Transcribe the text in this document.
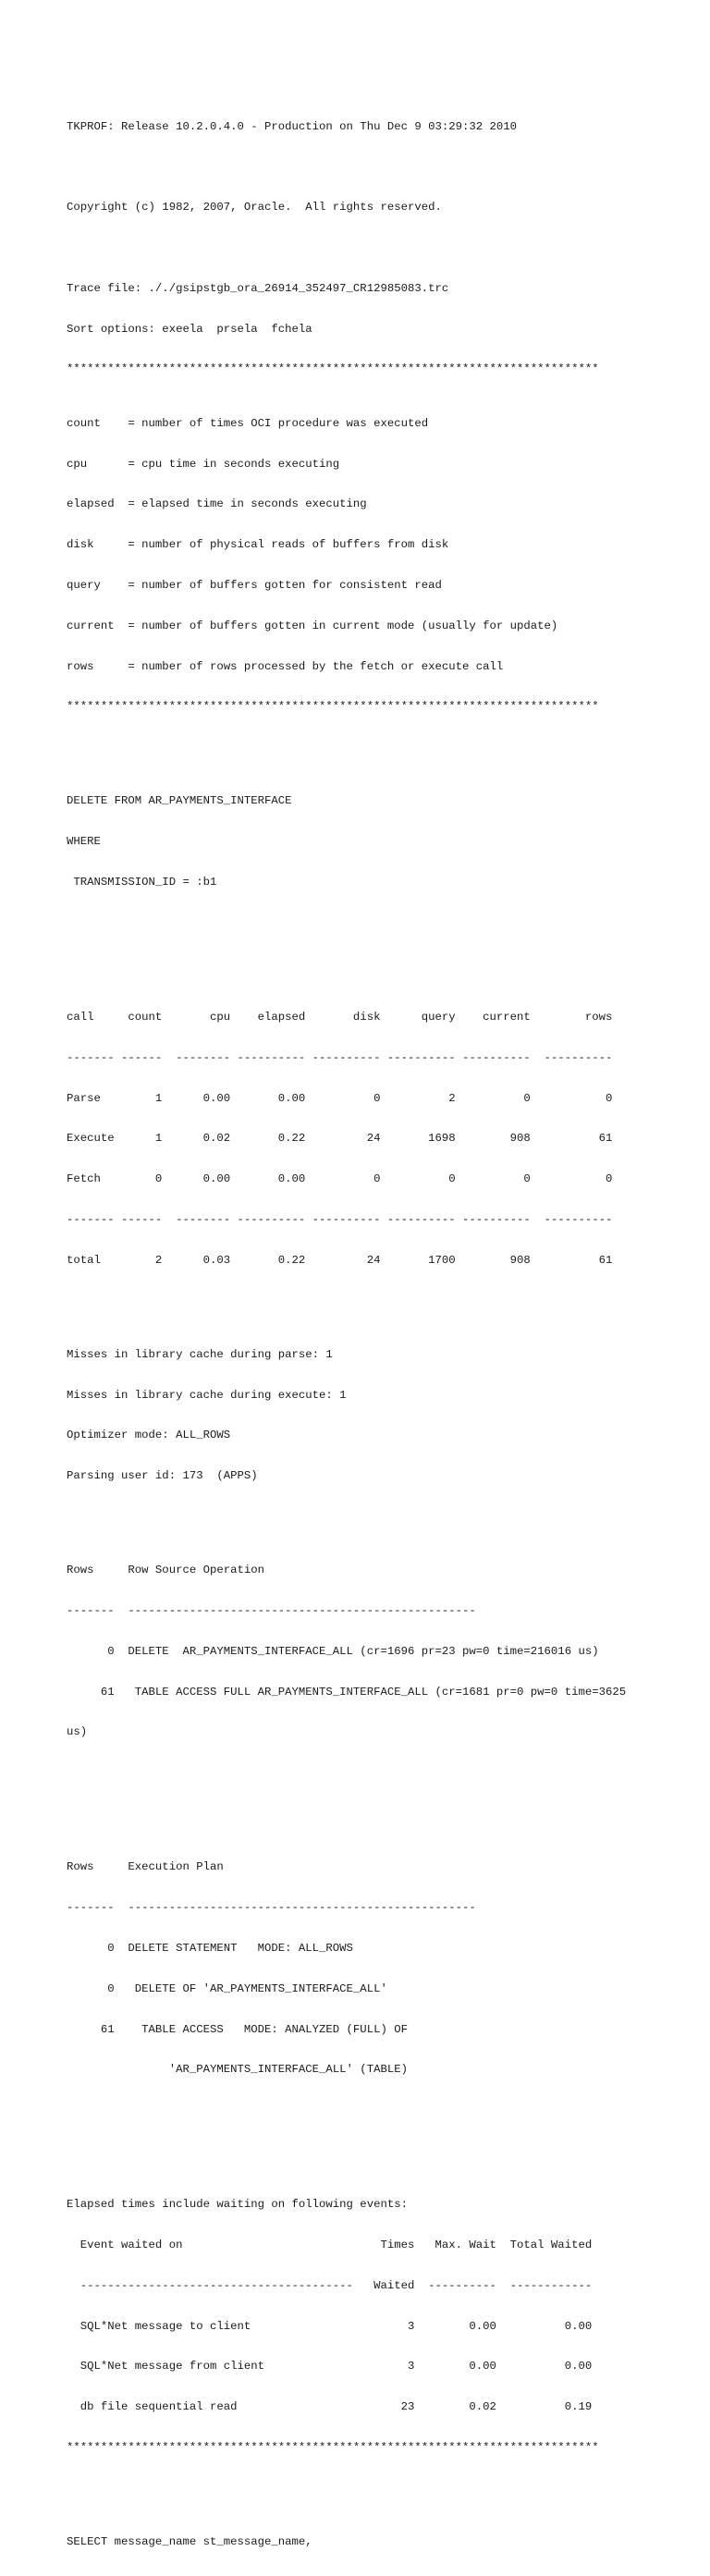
TKPROF: Release 10.2.0.4.0 - Production on Thu Dec 9 03:29:32 2010

Copyright (c) 1982, 2007, Oracle.  All rights reserved.

Trace file: ././gsipstgb_ora_26914_352497_CR12985083.trc

Sort options: exeela  prsela  fchela

******************************************************************************

count    = number of times OCI procedure was executed

cpu      = cpu time in seconds executing

elapsed  = elapsed time in seconds executing

disk     = number of physical reads of buffers from disk

query    = number of buffers gotten for consistent read

current  = number of buffers gotten in current mode (usually for update)

rows     = number of rows processed by the fetch or execute call

******************************************************************************

DELETE FROM AR_PAYMENTS_INTERFACE

WHERE

TRANSMISSION_ID = :b1

call     count       cpu    elapsed       disk      query    current        rows

------- ------  -------- ---------- ---------- ---------- ----------  ----------

Parse        1      0.00       0.00          0          2          0           0

Execute      1      0.02       0.22         24       1698        908          61

Fetch        0      0.00       0.00          0          0          0           0

------- ------  -------- ---------- ---------- ---------- ----------  ----------

total        2      0.03       0.22         24       1700        908          61

Misses in library cache during parse: 1

Misses in library cache during execute: 1

Optimizer mode: ALL_ROWS

Parsing user id: 173  (APPS)

Rows     Row Source Operation

-------  ---------------------------------------------------

0  DELETE  AR_PAYMENTS_INTERFACE_ALL (cr=1696 pr=23 pw=0 time=216016 us)

61   TABLE ACCESS FULL AR_PAYMENTS_INTERFACE_ALL (cr=1681 pr=0 pw=0 time=3625

us)

Rows     Execution Plan

-------  ---------------------------------------------------

0  DELETE STATEMENT   MODE: ALL_ROWS

0   DELETE OF 'AR_PAYMENTS_INTERFACE_ALL'

61    TABLE ACCESS   MODE: ANALYZED (FULL) OF

'AR_PAYMENTS_INTERFACE_ALL' (TABLE)

Elapsed times include waiting on following events:

Event waited on                             Times   Max. Wait  Total Waited

----------------------------------------   Waited  ----------  ------------

SQL*Net message to client                       3        0.00          0.00

SQL*Net message from client                     3        0.00          0.00

db file sequential read                        23        0.02          0.19

******************************************************************************

SELECT message_name st_message_name,
